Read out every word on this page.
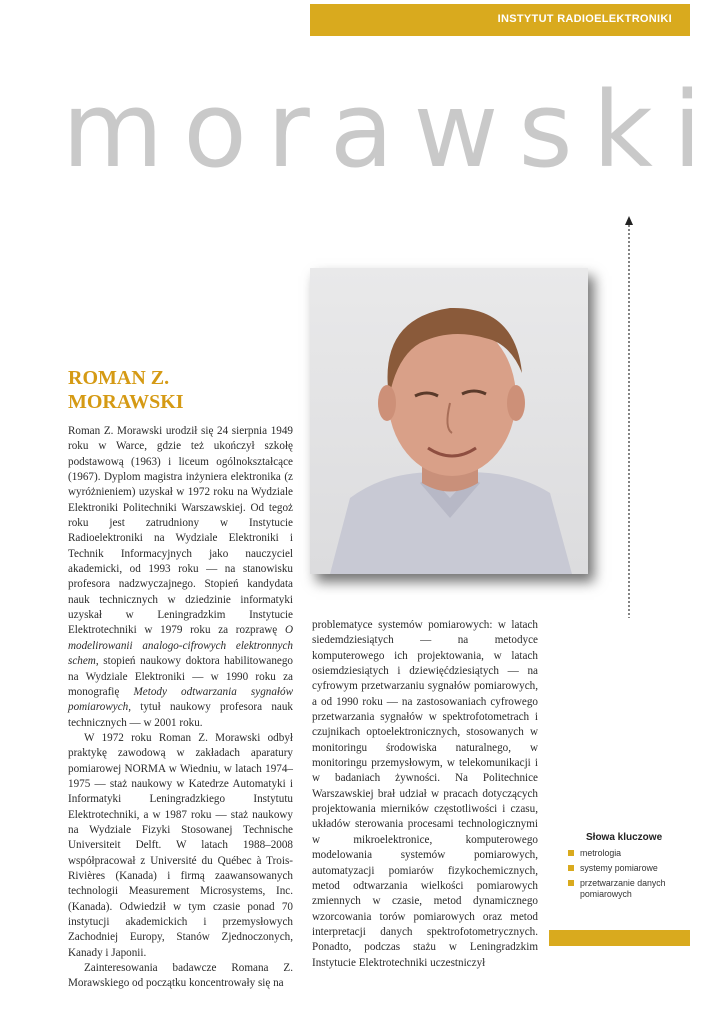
INSTYTUT RADIOELEKTRONIKI
morawski
ROMAN Z.
MORAWSKI

Roman Z. Morawski urodził się 24 sierpnia 1949 roku w Warce, gdzie też ukończył szkołę podstawową (1963) i liceum ogólnokształcące (1967). Dyplom magistra inżyniera elektronika (z wyróżnieniem) uzyskał w 1972 roku na Wydziale Elektroniki Politechniki Warszawskiej. Od tegoż roku jest zatrudniony w Instytucie Radioelektroniki na Wydziale Elektroniki i Technik Informacyjnych jako nauczyciel akademicki, od 1993 roku — na stanowisku profesora nadzwyczajnego. Stopień kandydata nauk technicznych w dziedzinie informatyki uzyskał w Leningradzkim Instytucie Elektrotechniki w 1979 roku za rozprawę O modelirowanii analogo-cifrowych elektronnych schem, stopień naukowy doktora habilitowanego na Wydziale Elektroniki — w 1990 roku za monografię Metody odtwarzania sygnałów pomiarowych, tytuł naukowy profesora nauk technicznych — w 2001 roku.

W 1972 roku Roman Z. Morawski odbył praktykę zawodową w zakładach aparatury pomiarowej NORMA w Wiedniu, w latach 1974–1975 — staż naukowy w Katedrze Automatyki i Informatyki Leningradzkiego Instytutu Elektrotechniki, a w 1987 roku — staż naukowy na Wydziale Fizyki Stosowanej Technische Universiteit Delft. W latach 1988–2008 współpracował z Université du Québec à Trois-Rivières (Kanada) i firmą zaawansowanych technologii Measurement Microsystems, Inc. (Kanada). Odwiedził w tym czasie ponad 70 instytucji akademickich i przemysłowych Zachodniej Europy, Stanów Zjednoczonych, Kanady i Japonii.

Zainteresowania badawcze Romana Z. Morawskiego od początku koncentrowały się na

problematyce systemów pomiarowych: w latach siedemdziesiątych — na metodyce komputerowego ich projektowania, w latach osiemdziesiątych i dziewięćdziesiątych — na cyfrowym przetwarzaniu sygnałów pomiarowych, a od 1990 roku — na zastosowaniach cyfrowego przetwarzania sygnałów w spektrofotometrach i czujnikach optoelektronicznych, stosowanych w monitoringu środowiska naturalnego, w monitoringu przemysłowym, w telekomunikacji i w badaniach żywności. Na Politechnice Warszawskiej brał udział w pracach dotyczących projektowania mierników częstotliwości i czasu, układów sterowania procesami technologicznymi w mikroelektronice, komputerowego modelowania systemów pomiarowych, automatyzacji pomiarów fizykochemicznych, metod odtwarzania wielkości pomiarowych zmiennych w czasie, metod dynamicznego wzorcowania torów pomiarowych oraz metod interpretacji danych spektrofotometrycznych. Ponadto, podczas stażu w Leningradzkim Instytucie Elektrotechniki uczestniczył

Słowa kluczowe
metrologia
systemy pomiarowe
przetwarzanie danych pomiarowych
